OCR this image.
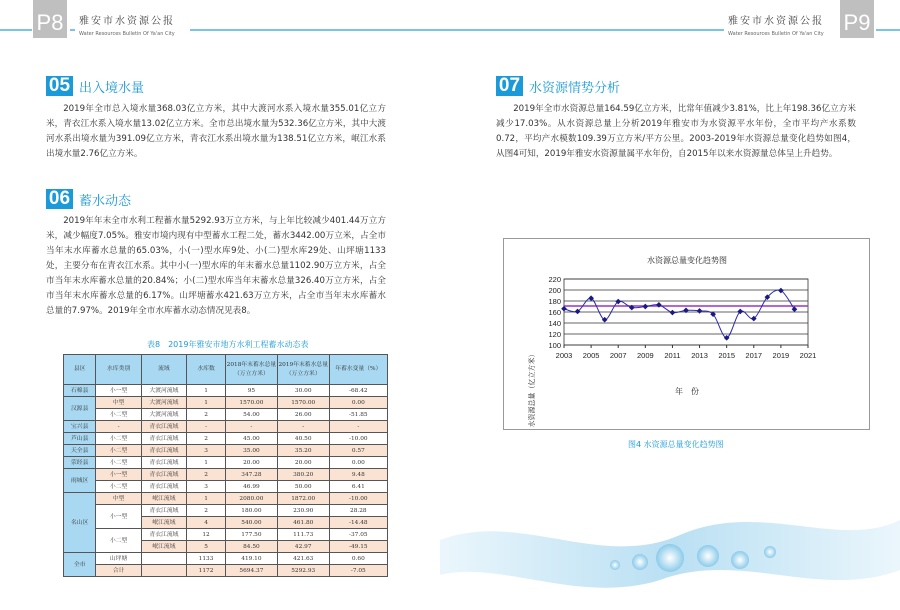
P8	雅安市水资源公报
Water Resources Bulletin Of Ya'an City
雅安市水资源公报
Water Resources Bulletin Of Ya'an City P9
05 出入境水量

2019年全市总入境水量368.03亿立方米，其中大渡河水系入境水量355.01亿立方米，青衣江水系入境水量13.02亿立方米。全市总出境水量为532.36亿立方米，其中大渡河水系出境水量为391.09亿立方米，青衣江水系出境水量为138.51亿立方米，岷江水系出境水量2.76亿立方米。

06 蓄水动态

2019年年末全市水利工程蓄水量5292.93万立方米，与上年比较减少401.44万立方米，减少幅度7.05%。雅安市境内现有中型蓄水工程二处，蓄水3442.00万立米，占全市当年末水库蓄水总量的65.03%，小(一)型水库9处、小(二)型水库29处、山坪塘1133处，主要分布在青衣江水系。其中小(一)型水库的年末蓄水总量1102.90万立方米，占全市当年末水库蓄水总量的20.84%；小(二)型水库当年末蓄水总量326.40万立方米，占全市当年末水库蓄水总量的6.17%。山坪塘蓄水421.63万立方米，占全市当年末水库蓄水总量的7.97%。2019年全市水库蓄水动态情况见表8。

表8　2019年雅安市地方水利工程蓄水动态表
县区	水库类别	流域	水库数	2018年末蓄水总量（万立方米）	2019年末蓄水总量（万立方米）	年蓄水变量（%）
石棉县	小一型	大渡河流域	1	95	30.00	-68.42
汉源县	中型	大渡河流域	1	1570.00	1570.00	0.00
	小二型	大渡河流域	2	54.00	26.00	-51.85
宝兴县	-	青衣江流域	-	-	-	-
芦山县	小二型	青衣江流域	2	45.00	40.50	-10.00
天全县	小二型	青衣江流域	3	35.00	35.20	0.57
荥经县	小二型	青衣江流域	1	20.00	20.00	0.00
雨城区	小一型	青衣江流域	2	347.28	380.20	9.48
	小二型	青衣江流域	3	46.99	50.00	6.41
名山区	中型	岷江流域	1	2080.00	1872.00	-10.00
	小一型	青衣江流域	2	180.00	230.90	28.28
		岷江流域	4	540.00	461.80	-14.48
	小二型	青衣江流域	12	177.50	111.73	-37.05
		岷江流域	5	84.50	42.97	-49.15
全市	山坪塘		1133	419.10	421.63	0.60
	合计		1172	5694.37	5292.93	-7.05
07 水资源情势分析

2019年全市水资源总量164.59亿立方米，比常年值减少3.81%，比上年198.36亿立方米减少17.03%。从水资源总量上分析2019年雅安市为水资源平水年份，全市平均产水系数0.72，平均产水模数109.39万立方米/平方公里。2003-2019年水资源总量变化趋势如图4，从图4可知，2019年雅安水资源量属平水年份，自2015年以来水资源量总体呈上升趋势。

水资源总量变化趋势图
100
120
140
160
180
200
220
2003 2005 2007 2009 2011 2013 2015 2017 2019 2021
年　份
水资源总量（亿立方米）
图4 水资源总量变化趋势图
